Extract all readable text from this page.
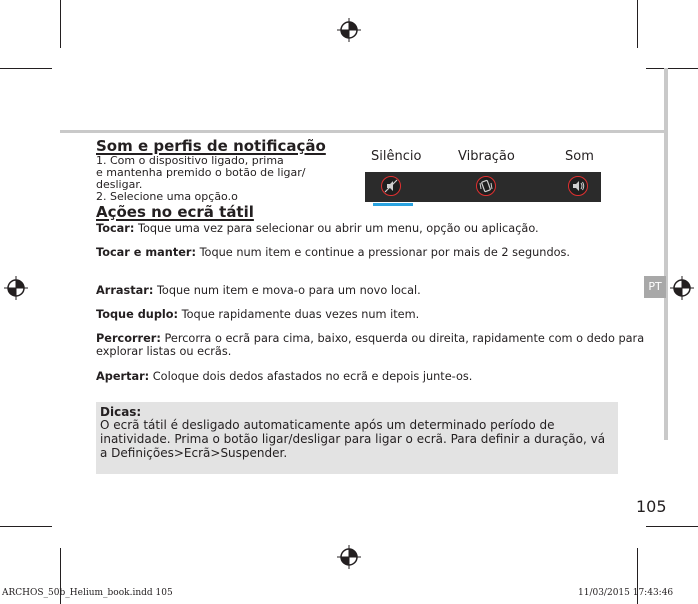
Som e perfis de notificação
1. Com o dispositivo ligado, prima
e mantenha premido o botão de ligar/
desligar.
2. Selecione uma opção.o
Silêncio	Vibração	Som
Ações no ecrã tátil
Tocar: Toque uma vez para selecionar ou abrir um menu, opção ou aplicação.
Tocar e manter: Toque num item e continue a pressionar por mais de 2 segundos.
Arrastar: Toque num item e mova-o para um novo local.
Toque duplo: Toque rapidamente duas vezes num item.
Percorrer: Percorra o ecrã para cima, baixo, esquerda ou direita, rapidamente com o dedo para explorar listas ou ecrãs.
Apertar: Coloque dois dedos afastados no ecrã e depois junte-os.
Dicas:
O ecrã tátil é desligado automaticamente após um determinado período de inatividade. Prima o botão ligar/desligar para ligar o ecrã. Para definir a duração, vá a Definições>Ecrã>Suspender.
PT
105
ARCHOS_50b_Helium_book.indd 105	11/03/2015 17:43:46
